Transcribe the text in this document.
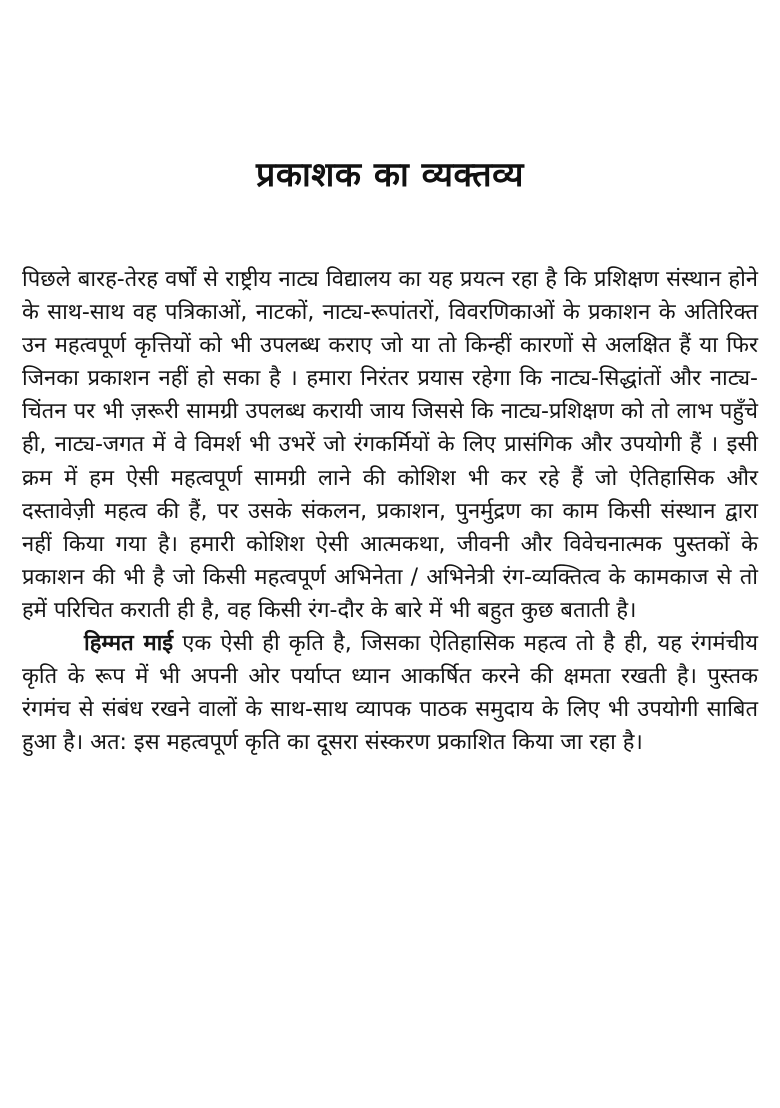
प्रकाशक का व्यक्तव्य

पिछले बारह-तेरह वर्षों से राष्ट्रीय नाट्य विद्यालय का यह प्रयत्न रहा है कि प्रशिक्षण संस्थान होने के साथ-साथ वह पत्रिकाओं, नाटकों, नाट्य-रूपांतरों, विवरणिकाओं के प्रकाशन के अतिरिक्त उन महत्वपूर्ण कृत्तियों को भी उपलब्ध कराए जो या तो किन्हीं कारणों से अलक्षित हैं या फिर जिनका प्रकाशन नहीं हो सका है । हमारा निरंतर प्रयास रहेगा कि नाट्य-सिद्धांतों और नाट्य-चिंतन पर भी ज़रूरी सामग्री उपलब्ध करायी जाय जिससे कि नाट्य-प्रशिक्षण को तो लाभ पहुँचे ही, नाट्य-जगत में वे विमर्श भी उभरें जो रंगकर्मियों के लिए प्रासंगिक और उपयोगी हैं । इसी क्रम में हम ऐसी महत्वपूर्ण सामग्री लाने की कोशिश भी कर रहे हैं जो ऐतिहासिक और दस्तावेज़ी महत्व की हैं, पर उसके संकलन, प्रकाशन, पुनर्मुद्रण का काम किसी संस्थान द्वारा नहीं किया गया है। हमारी कोशिश ऐसी आत्मकथा, जीवनी और विवेचनात्मक पुस्तकों के प्रकाशन की भी है जो किसी महत्वपूर्ण अभिनेता / अभिनेत्री रंग-व्यक्तित्व के कामकाज से तो हमें परिचित कराती ही है, वह किसी रंग-दौर के बारे में भी बहुत कुछ बताती है।

हिम्मत माई एक ऐसी ही कृति है, जिसका ऐतिहासिक महत्व तो है ही, यह रंगमंचीय कृति के रूप में भी अपनी ओर पर्याप्त ध्यान आकर्षित करने की क्षमता रखती है। पुस्तक रंगमंच से संबंध रखने वालों के साथ-साथ व्यापक पाठक समुदाय के लिए भी उपयोगी साबित हुआ है। अत: इस महत्वपूर्ण कृति का दूसरा संस्करण प्रकाशित किया जा रहा है।
